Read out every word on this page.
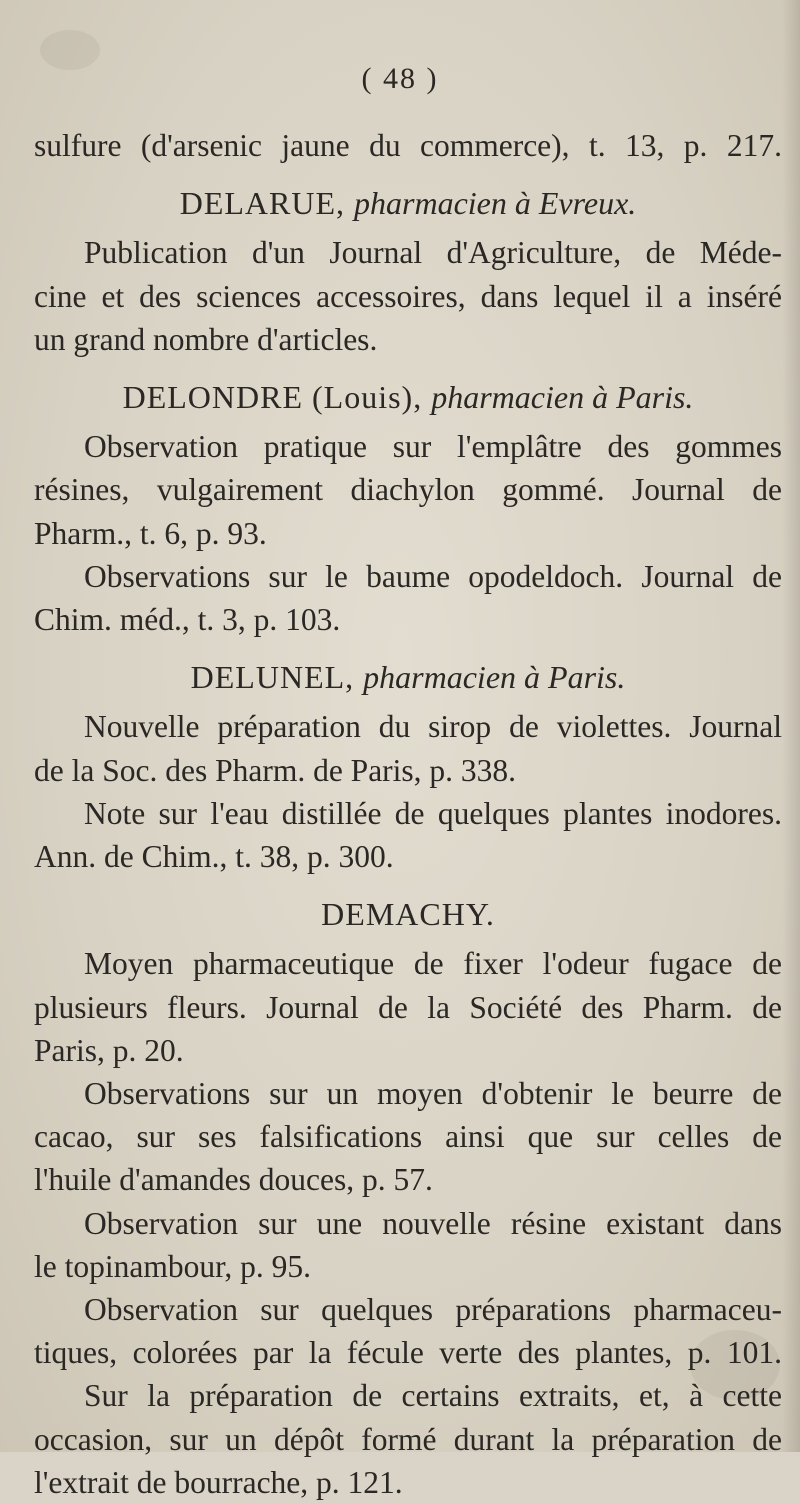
( 48 )
sulfure (d'arsenic jaune du commerce), t. 13, p. 217.
DELARUE, pharmacien à Evreux.
Publication d'un Journal d'Agriculture, de Méde-
cine et des sciences accessoires, dans lequel il a inséré
un grand nombre d'articles.
DELONDRE (Louis), pharmacien à Paris.
Observation pratique sur l'emplâtre des gommes
résines, vulgairement diachylon gommé. Journal de
Pharm., t. 6, p. 93.
Observations sur le baume opodeldoch. Journal de
Chim. méd., t. 3, p. 103.
DELUNEL, pharmacien à Paris.
Nouvelle préparation du sirop de violettes. Journal
de la Soc. des Pharm. de Paris, p. 338.
Note sur l'eau distillée de quelques plantes inodores.
Ann. de Chim., t. 38, p. 300.
DEMACHY.
Moyen pharmaceutique de fixer l'odeur fugace de
plusieurs fleurs. Journal de la Société des Pharm. de
Paris, p. 20.
Observations sur un moyen d'obtenir le beurre de
cacao, sur ses falsifications ainsi que sur celles de
l'huile d'amandes douces, p. 57.
Observation sur une nouvelle résine existant dans
le topinambour, p. 95.
Observation sur quelques préparations pharmaceu-
tiques, colorées par la fécule verte des plantes, p. 101.
Sur la préparation de certains extraits, et, à cette
occasion, sur un dépôt formé durant la préparation de
l'extrait de bourrache, p. 121.
